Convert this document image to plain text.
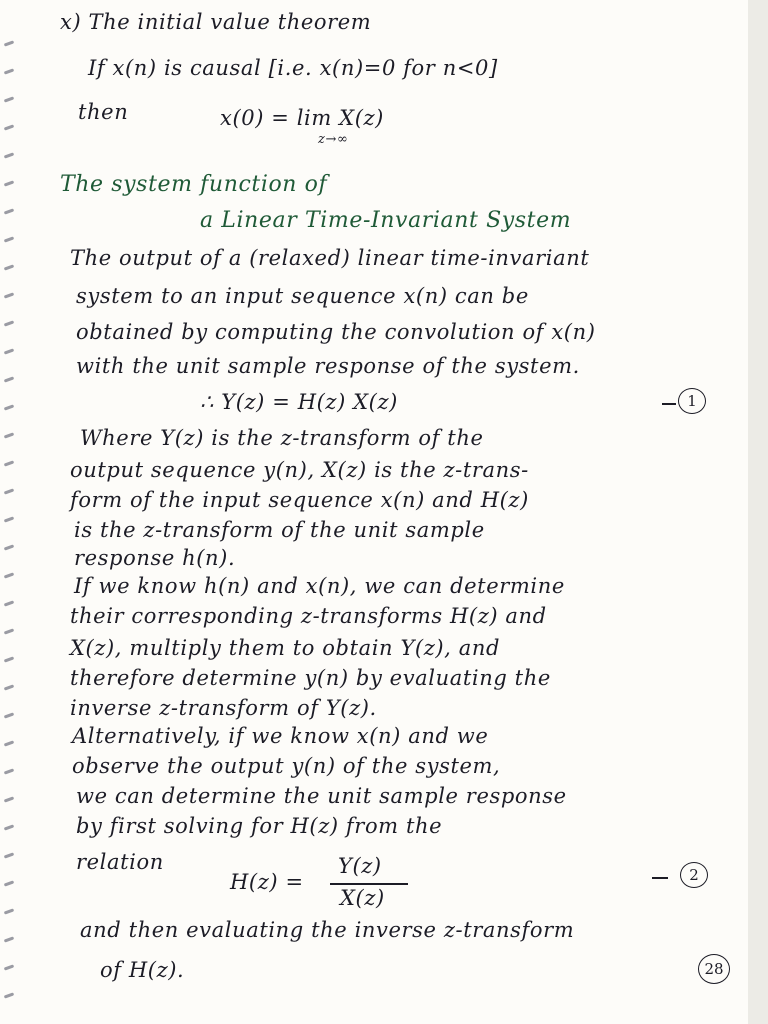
x) The initial value theorem
If x(n) is causal [i.e. x(n)=0 for n<0]
then	x(0) = lim X(z)
z→∞
The system function of
a Linear Time-Invariant System
The output of a (relaxed) linear time-invariant
system to an input sequence x(n) can be
obtained by computing the convolution of x(n)
with the unit sample response of the system.
∴ Y(z) = H(z) X(z)	1
Where Y(z) is the z-transform of the
output sequence y(n), X(z) is the z-trans-
form of the input sequence x(n) and H(z)
is the z-transform of the unit sample
response h(n).
If we know h(n) and x(n), we can determine
their corresponding z-transforms H(z) and
X(z), multiply them to obtain Y(z), and
therefore determine y(n) by evaluating the
inverse z-transform of Y(z).
Alternatively, if we know x(n) and we
observe the output y(n) of the system,
we can determine the unit sample response
by first solving for H(z) from the
relation
H(z) =
Y(z)
X(z)
2
and then evaluating the inverse z-transform
of H(z).	28
